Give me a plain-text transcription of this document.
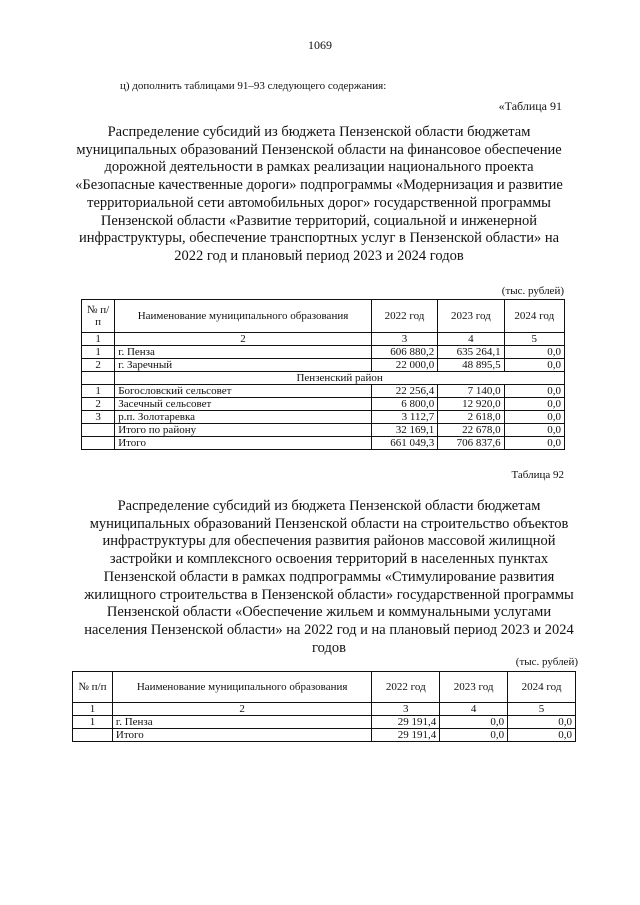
1069
ц) дополнить таблицами 91–93 следующего содержания:
«Таблица 91
Распределение субсидий из бюджета Пензенской области бюджетам муниципальных образований Пензенской области на финансовое обеспечение дорожной деятельности в рамках реализации национального проекта «Безопасные качественные дороги» подпрограммы «Модернизация и развитие территориальной сети автомобильных дорог» государственной программы Пензенской области «Развитие территорий, социальной и инженерной инфраструктуры, обеспечение транспортных услуг в Пензенской области» на 2022 год и плановый период 2023 и 2024 годов
(тыс. рублей)
№ п/п	Наименование муниципального образования	2022 год	2023 год	2024 год
1	2	3	4	5
1	г. Пенза	606 880,2	635 264,1	0,0
2	г. Заречный	22 000,0	48 895,5	0,0
	Пензенский район			
1	Богословский сельсовет	22 256,4	7 140,0	0,0
2	Засечный сельсовет	6 800,0	12 920,0	0,0
3	р.п. Золотаревка	3 112,7	2 618,0	0,0
	Итого по району	32 169,1	22 678,0	0,0
	Итого	661 049,3	706 837,6	0,0
Таблица 92
Распределение субсидий из бюджета Пензенской области бюджетам муниципальных образований Пензенской области на строительство объектов инфраструктуры для обеспечения развития районов массовой жилищной застройки и комплексного освоения территорий в населенных пунктах Пензенской области в рамках подпрограммы «Стимулирование развития жилищного строительства в Пензенской области» государственной программы Пензенской области «Обеспечение жильем и коммунальными услугами населения Пензенской области» на 2022 год и на плановый период 2023 и 2024 годов
(тыс. рублей)
№ п/п	Наименование муниципального образования	2022 год	2023 год	2024 год
1	2	3	4	5
1	г. Пенза	29 191,4	0,0	0,0
	Итого	29 191,4	0,0	0,0
